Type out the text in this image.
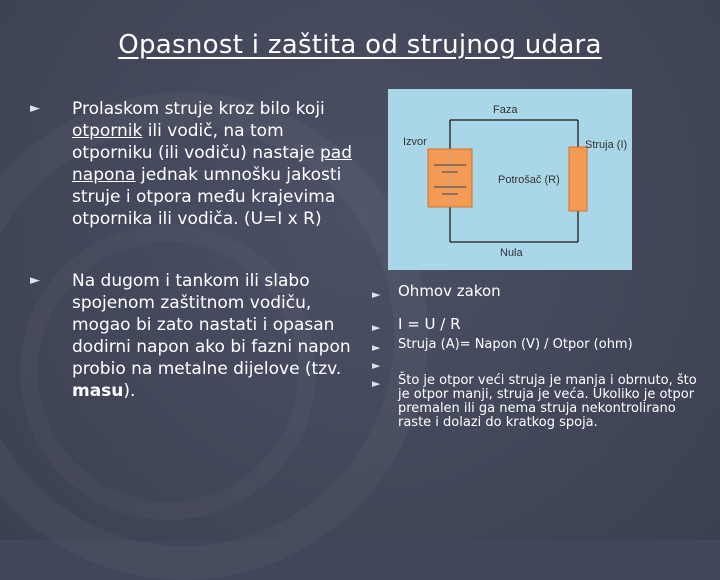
Opasnost i zaštita od strujnog udara
► Prolaskom struje kroz bilo koji otpornik ili vodič, na tom otporniku (ili vodiču) nastaje pad napona jednak umnošku jakosti struje i otpora među krajevima otpornika ili vodiča. (U=I x R)
► Na dugom i tankom ili slabo spojenom zaštitnom vodiču, mogao bi zato nastati i opasan dodirni napon ako bi fazni napon probio na metalne dijelove (tzv. masu).
Faza
Izvor	Struja (I)
Potrošač (R)
Nula
► Ohmov zakon
► I = U / R
► Struja (A)= Napon (V) / Otpor (ohm)
►
► Što je otpor veći struja je manja i obrnuto, što je otpor manji, struja je veća. Ukoliko je otpor premalen ili ga nema struja nekontrolirano raste i dolazi do kratkog spoja.
